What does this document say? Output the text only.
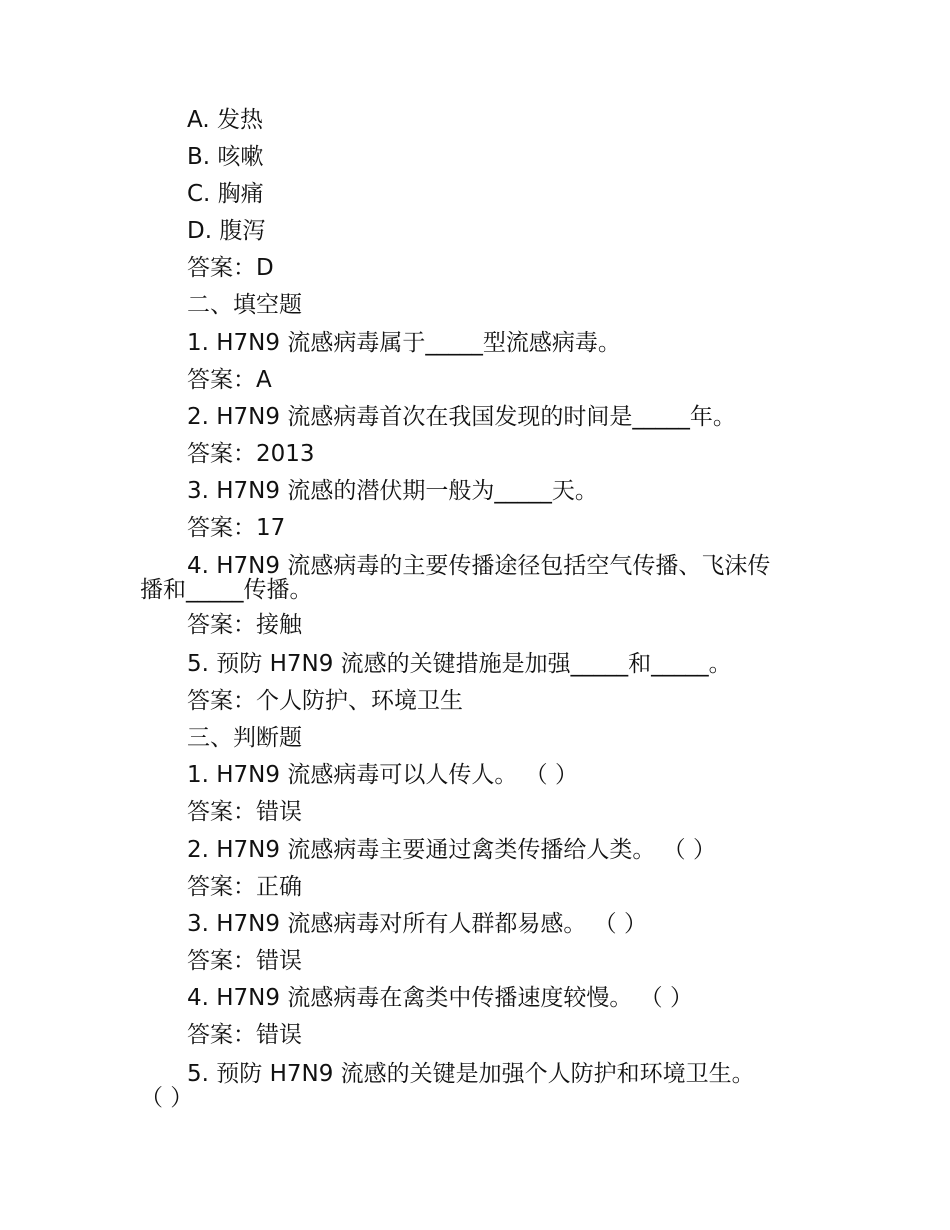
A. 发热
B. 咳嗽
C. 胸痛
D. 腹泻
答案：D
二、填空题
1. H7N9 流感病毒属于_____型流感病毒。
答案：A
2. H7N9 流感病毒首次在我国发现的时间是_____年。
答案：2013
3. H7N9 流感的潜伏期一般为_____天。
答案：17
4. H7N9 流感病毒的主要传播途径包括空气传播、飞沫传
播和_____传播。
答案：接触
5. 预防 H7N9 流感的关键措施是加强_____和_____。
答案：个人防护、环境卫生
三、判断题
1. H7N9 流感病毒可以人传人。 （ ）
答案：错误
2. H7N9 流感病毒主要通过禽类传播给人类。 （ ）
答案：正确
3. H7N9 流感病毒对所有人群都易感。 （ ）
答案：错误
4. H7N9 流感病毒在禽类中传播速度较慢。 （ ）
答案：错误
5. 预防 H7N9 流感的关键是加强个人防护和环境卫生。
（ ）
